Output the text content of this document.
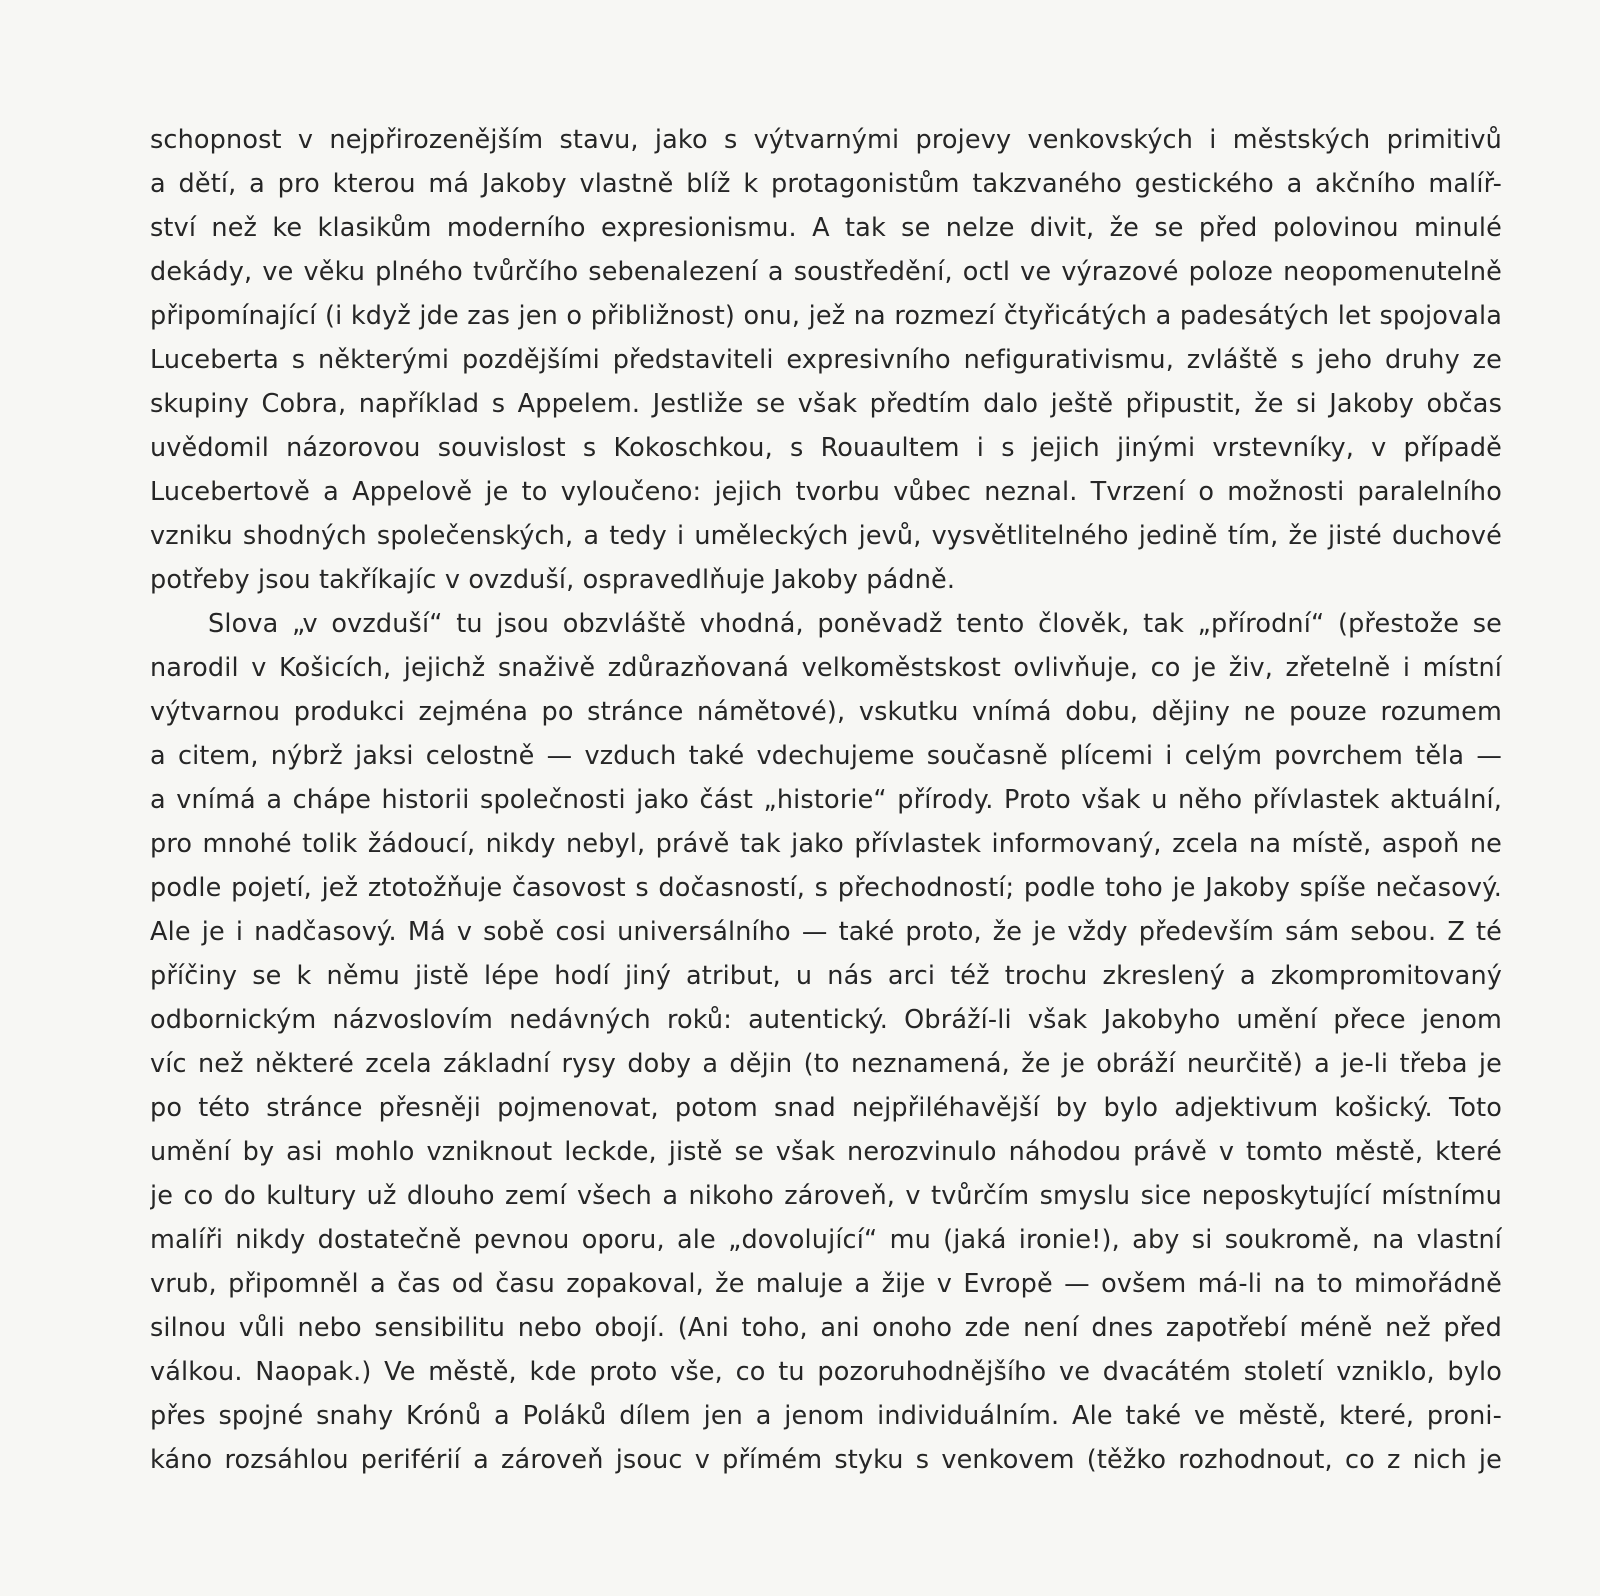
schopnost v nejpřirozenějším stavu, jako s výtvarnými projevy venkovských i městských primitivů
a dětí, a pro kterou má Jakoby vlastně blíž k protagonistům takzvaného gestického a akčního malíř-
ství než ke klasikům moderního expresionismu. A tak se nelze divit, že se před polovinou minulé
dekády, ve věku plného tvůrčího sebenalezení a soustředění, octl ve výrazové poloze neopomenutelně
připomínající (i když jde zas jen o přibližnost) onu, jež na rozmezí čtyřicátých a padesátých let spojovala
Luceberta s některými pozdějšími představiteli expresivního nefigurativismu, zvláště s jeho druhy ze
skupiny Cobra, například s Appelem. Jestliže se však předtím dalo ještě připustit, že si Jakoby občas
uvědomil názorovou souvislost s Kokoschkou, s Rouaultem i s jejich jinými vrstevníky, v případě
Lucebertově a Appelově je to vyloučeno: jejich tvorbu vůbec neznal. Tvrzení o možnosti paralelního
vzniku shodných společenských, a tedy i uměleckých jevů, vysvětlitelného jedině tím, že jisté duchové
potřeby jsou takříkajíc v ovzduší, ospravedlňuje Jakoby pádně.
Slova „v ovzduší“ tu jsou obzvláště vhodná, poněvadž tento člověk, tak „přírodní“ (přestože se
narodil v Košicích, jejichž snaživě zdůrazňovaná velkoměstskost ovlivňuje, co je živ, zřetelně i místní
výtvarnou produkci zejména po stránce námětové), vskutku vnímá dobu, dějiny ne pouze rozumem
a citem, nýbrž jaksi celostně — vzduch také vdechujeme současně plícemi i celým povrchem těla —
a vnímá a chápe historii společnosti jako část „historie“ přírody. Proto však u něho přívlastek aktuální,
pro mnohé tolik žádoucí, nikdy nebyl, právě tak jako přívlastek informovaný, zcela na místě, aspoň ne
podle pojetí, jež ztotožňuje časovost s dočasností, s přechodností; podle toho je Jakoby spíše nečasový.
Ale je i nadčasový. Má v sobě cosi universálního — také proto, že je vždy především sám sebou. Z té
příčiny se k němu jistě lépe hodí jiný atribut, u nás arci též trochu zkreslený a zkompromitovaný
odbornickým názvoslovím nedávných roků: autentický. Obráží-li však Jakobyho umění přece jenom
víc než některé zcela základní rysy doby a dějin (to neznamená, že je obráží neurčitě) a je-li třeba je
po této stránce přesněji pojmenovat, potom snad nejpřiléhavější by bylo adjektivum košický. Toto
umění by asi mohlo vzniknout leckde, jistě se však nerozvinulo náhodou právě v tomto městě, které
je co do kultury už dlouho zemí všech a nikoho zároveň, v tvůrčím smyslu sice neposkytující místnímu
malíři nikdy dostatečně pevnou oporu, ale „dovolující“ mu (jaká ironie!), aby si soukromě, na vlastní
vrub, připomněl a čas od času zopakoval, že maluje a žije v Evropě — ovšem má-li na to mimořádně
silnou vůli nebo sensibilitu nebo obojí. (Ani toho, ani onoho zde není dnes zapotřebí méně než před
válkou. Naopak.) Ve městě, kde proto vše, co tu pozoruhodnějšího ve dvacátém století vzniklo, bylo
přes spojné snahy Krónů a Poláků dílem jen a jenom individuálním. Ale také ve městě, které, proni-
káno rozsáhlou periférií a zároveň jsouc v přímém styku s venkovem (těžko rozhodnout, co z nich je
